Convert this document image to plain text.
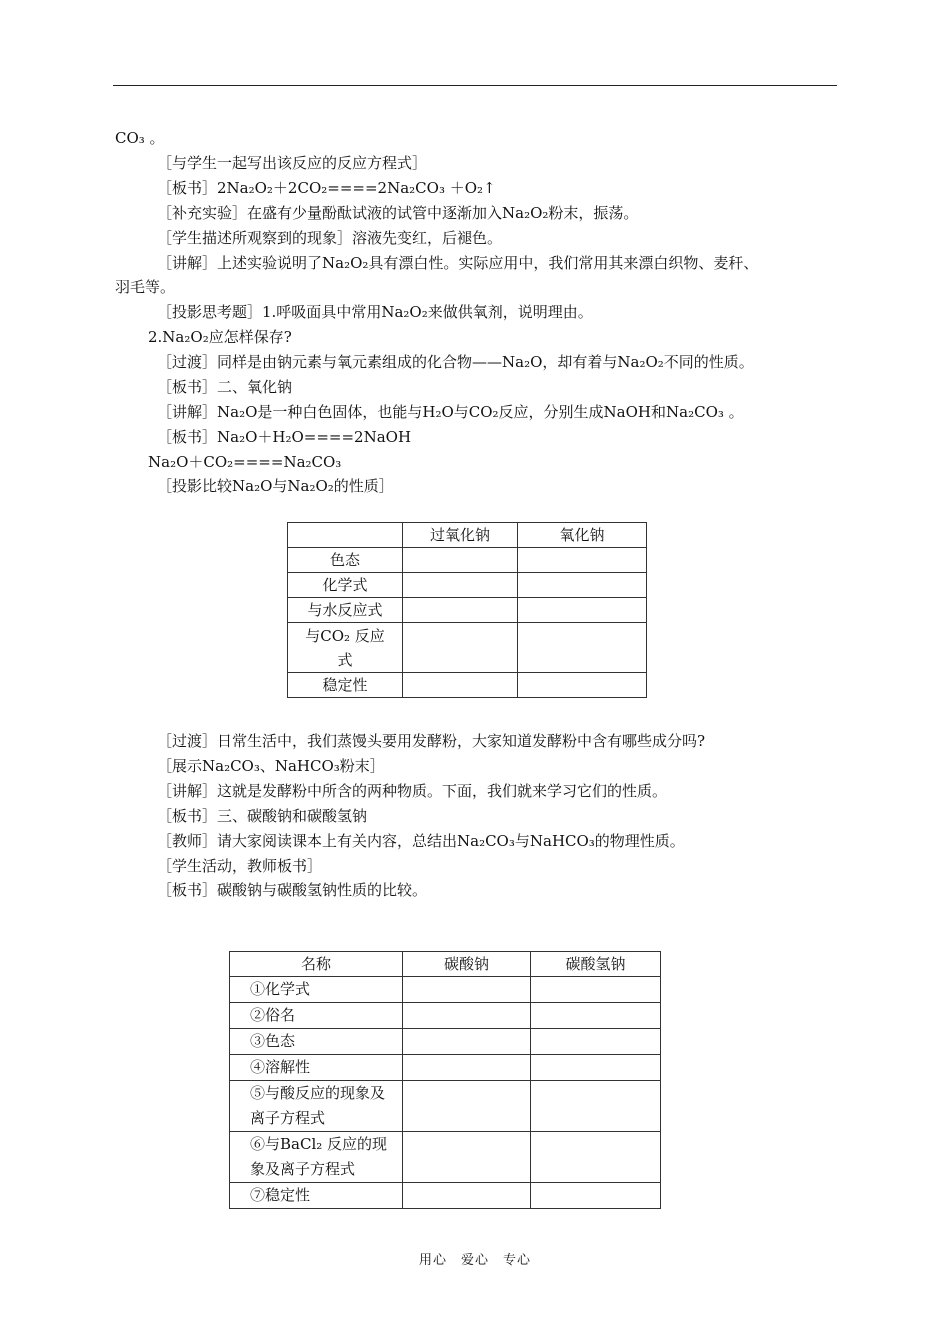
CO₃ 。
［与学生一起写出该反应的反应方程式］
［板书］2Na₂O₂＋2CO₂====2Na₂CO₃ ＋O₂↑
［补充实验］在盛有少量酚酞试液的试管中逐渐加入Na₂O₂粉末，振荡。
［学生描述所观察到的现象］溶液先变红，后褪色。
［讲解］上述实验说明了Na₂O₂具有漂白性。实际应用中，我们常用其来漂白织物、麦秆、
羽毛等。
［投影思考题］1.呼吸面具中常用Na₂O₂来做供氧剂，说明理由。
2.Na₂O₂应怎样保存?
［过渡］同样是由钠元素与氧元素组成的化合物——Na₂O，却有着与Na₂O₂不同的性质。
［板书］二、氧化钠
［讲解］Na₂O是一种白色固体，也能与H₂O与CO₂反应，分别生成NaOH和Na₂CO₃ 。
［板书］Na₂O＋H₂O====2NaOH
Na₂O＋CO₂====Na₂CO₃
［投影比较Na₂O与Na₂O₂的性质］
	过氧化钠	氧化钠
色态		
化学式		
与水反应式		
与CO₂ 反应式		
稳定性		
［过渡］日常生活中，我们蒸馒头要用发酵粉，大家知道发酵粉中含有哪些成分吗?
［展示Na₂CO₃、NaHCO₃粉末］
［讲解］这就是发酵粉中所含的两种物质。下面，我们就来学习它们的性质。
［板书］三、碳酸钠和碳酸氢钠
［教师］请大家阅读课本上有关内容，总结出Na₂CO₃与NaHCO₃的物理性质。
［学生活动，教师板书］
［板书］碳酸钠与碳酸氢钠性质的比较。
名称	碳酸钠	碳酸氢钠
①化学式		
②俗名		
③色态		
④溶解性		
⑤与酸反应的现象及离子方程式		
⑥与BaCl₂ 反应的现象及离子方程式		
⑦稳定性		
用心　爱心　专心
